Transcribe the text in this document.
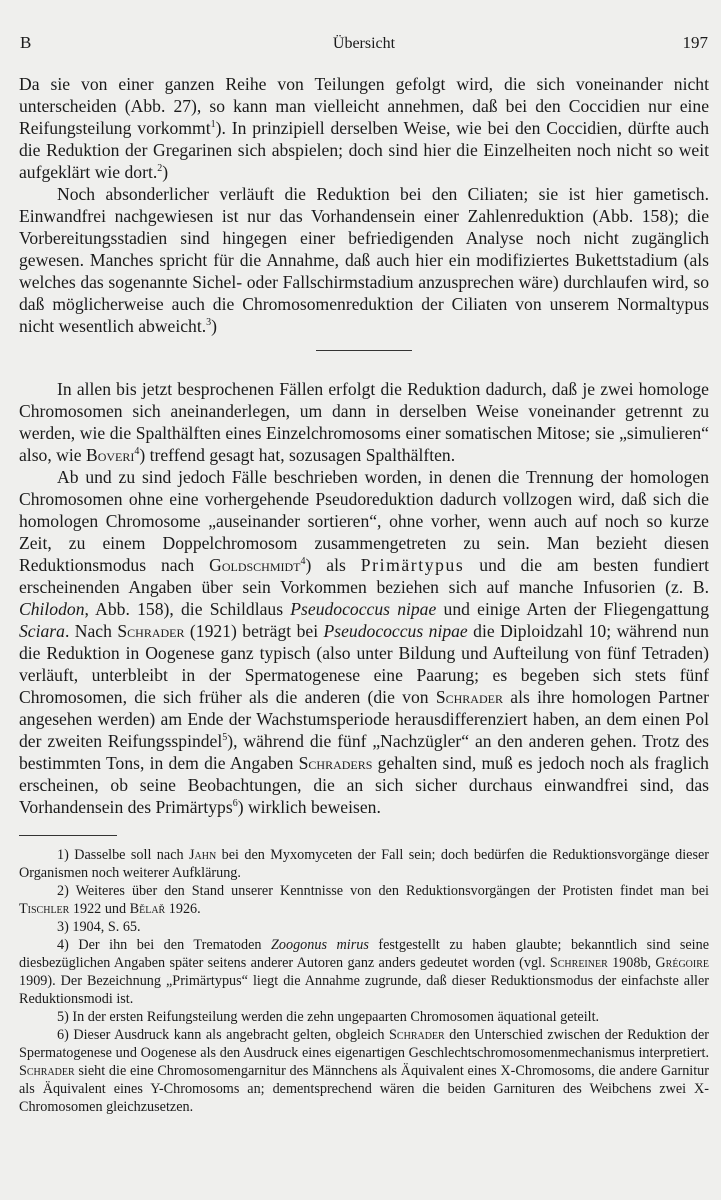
B	Übersicht	197

Da sie von einer ganzen Reihe von Teilungen gefolgt wird, die sich voneinander nicht unterscheiden (Abb. 27), so kann man vielleicht annehmen, daß bei den Coccidien nur eine Reifungsteilung vorkommt$^1$). In prinzipiell derselben Weise, wie bei den Coccidien, dürfte auch die Reduktion der Gregarinen sich abspielen; doch sind hier die Einzelheiten noch nicht so weit aufgeklärt wie dort.$^2$)

Noch absonderlicher verläuft die Reduktion bei den Ciliaten; sie ist hier gametisch. Einwandfrei nachgewiesen ist nur das Vorhandensein einer Zahlenreduktion (Abb. 158); die Vorbereitungsstadien sind hingegen einer befriedigenden Analyse noch nicht zugänglich gewesen. Manches spricht für die Annahme, daß auch hier ein modifiziertes Bukettstadium (als welches das sogenannte Sichel- oder Fallschirmstadium anzusprechen wäre) durchlaufen wird, so daß möglicherweise auch die Chromosomenreduktion der Ciliaten von unserem Normaltypus nicht wesentlich abweicht.$^3$)

In allen bis jetzt besprochenen Fällen erfolgt die Reduktion dadurch, daß je zwei homologe Chromosomen sich aneinanderlegen, um dann in derselben Weise voneinander getrennt zu werden, wie die Spalthälften eines Einzelchromosoms einer somatischen Mitose; sie „simulieren“ also, wie Boveri$^4$) treffend gesagt hat, sozusagen Spalthälften.

Ab und zu sind jedoch Fälle beschrieben worden, in denen die Trennung der homologen Chromosomen ohne eine vorhergehende Pseudoreduktion dadurch vollzogen wird, daß sich die homologen Chromosome „auseinander sortieren“, ohne vorher, wenn auch auf noch so kurze Zeit, zu einem Doppelchromosom zusammengetreten zu sein. Man bezieht diesen Reduktionsmodus nach Goldschmidt$^4$) als Primärtypus und die am besten fundiert erscheinenden Angaben über sein Vorkommen beziehen sich auf manche Infusorien (z. B. Chilodon, Abb. 158), die Schildlaus Pseudococcus nipae und einige Arten der Fliegengattung Sciara. Nach Schrader (1921) beträgt bei Pseudococcus nipae die Diploidzahl 10; während nun die Reduktion in Oogenese ganz typisch (also unter Bildung und Aufteilung von fünf Tetraden) verläuft, unterbleibt in der Spermatogenese eine Paarung; es begeben sich stets fünf Chromosomen, die sich früher als die anderen (die von Schrader als ihre homologen Partner angesehen werden) am Ende der Wachstumsperiode herausdifferenziert haben, an dem einen Pol der zweiten Reifungsspindel$^5$), während die fünf „Nachzügler“ an den anderen gehen. Trotz des bestimmten Tons, in dem die Angaben Schraders gehalten sind, muß es jedoch noch als fraglich erscheinen, ob seine Beobachtungen, die an sich sicher durchaus einwandfrei sind, das Vorhandensein des Primärtyps$^6$) wirklich beweisen.

1) Dasselbe soll nach Jahn bei den Myxomyceten der Fall sein; doch bedürfen die Reduktionsvorgänge dieser Organismen noch weiterer Aufklärung.

2) Weiteres über den Stand unserer Kenntnisse von den Reduktionsvorgängen der Protisten findet man bei Tischler 1922 und Bělař 1926.

3) 1904, S. 65.

4) Der ihn bei den Trematoden Zoogonus mirus festgestellt zu haben glaubte; bekanntlich sind seine diesbezüglichen Angaben später seitens anderer Autoren ganz anders gedeutet worden (vgl. Schreiner 1908b, Grégoire 1909). Der Bezeichnung „Primärtypus“ liegt die Annahme zugrunde, daß dieser Reduktionsmodus der einfachste aller Reduktionsmodi ist.

5) In der ersten Reifungsteilung werden die zehn ungepaarten Chromosomen äquational geteilt.

6) Dieser Ausdruck kann als angebracht gelten, obgleich Schrader den Unterschied zwischen der Reduktion der Spermatogenese und Oogenese als den Ausdruck eines eigenartigen Geschlechtschromosomenmechanismus interpretiert. Schrader sieht die eine Chromosomengarnitur des Männchens als Äquivalent eines X-Chromosoms, die andere Garnitur als Äquivalent eines Y-Chromosoms an; dementsprechend wären die beiden Garnituren des Weibchens zwei X-Chromosomen gleichzusetzen.
